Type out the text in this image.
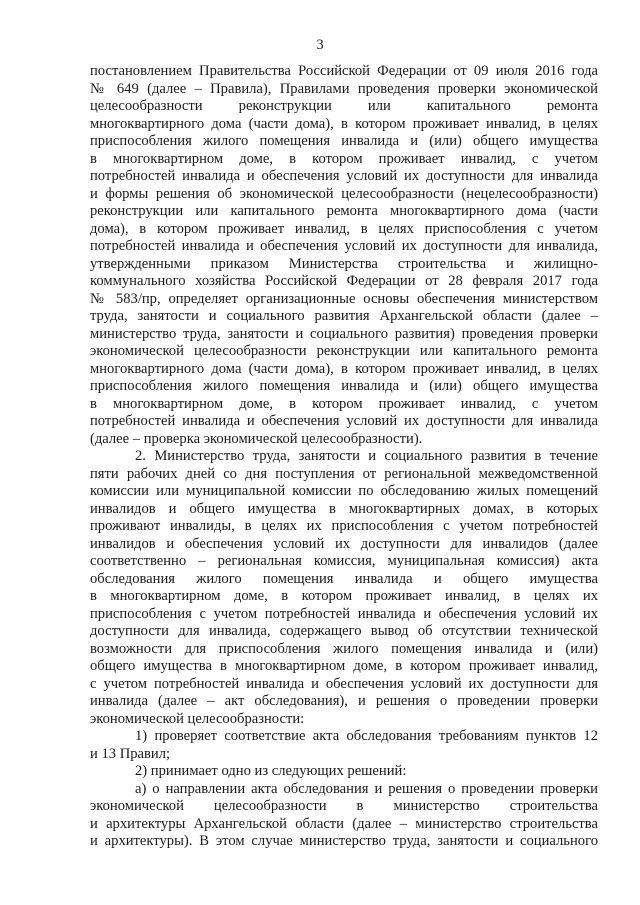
3
постановлением Правительства Российской Федерации от 09 июля 2016 года
№ 649 (далее – Правила), Правилами проведения проверки экономической
целесообразности реконструкции или капитального ремонта
многоквартирного дома (части дома), в котором проживает инвалид, в целях
приспособления жилого помещения инвалида и (или) общего имущества
в многоквартирном доме, в котором проживает инвалид, с учетом
потребностей инвалида и обеспечения условий их доступности для инвалида
и формы решения об экономической целесообразности (нецелесообразности)
реконструкции или капитального ремонта многоквартирного дома (части
дома), в котором проживает инвалид, в целях приспособления с учетом
потребностей инвалида и обеспечения условий их доступности для инвалида,
утвержденными приказом Министерства строительства и жилищно-
коммунального хозяйства Российской Федерации от 28 февраля 2017 года
№ 583/пр, определяет организационные основы обеспечения министерством
труда, занятости и социального развития Архангельской области (далее –
министерство труда, занятости и социального развития) проведения проверки
экономической целесообразности реконструкции или капитального ремонта
многоквартирного дома (части дома), в котором проживает инвалид, в целях
приспособления жилого помещения инвалида и (или) общего имущества
в многоквартирном доме, в котором проживает инвалид, с учетом
потребностей инвалида и обеспечения условий их доступности для инвалида
(далее – проверка экономической целесообразности).
2. Министерство труда, занятости и социального развития в течение
пяти рабочих дней со дня поступления от региональной межведомственной
комиссии или муниципальной комиссии по обследованию жилых помещений
инвалидов и общего имущества в многоквартирных домах, в которых
проживают инвалиды, в целях их приспособления с учетом потребностей
инвалидов и обеспечения условий их доступности для инвалидов (далее
соответственно – региональная комиссия, муниципальная комиссия) акта
обследования жилого помещения инвалида и общего имущества
в многоквартирном доме, в котором проживает инвалид, в целях их
приспособления с учетом потребностей инвалида и обеспечения условий их
доступности для инвалида, содержащего вывод об отсутствии технической
возможности для приспособления жилого помещения инвалида и (или)
общего имущества в многоквартирном доме, в котором проживает инвалид,
с учетом потребностей инвалида и обеспечения условий их доступности для
инвалида (далее – акт обследования), и решения о проведении проверки
экономической целесообразности:
1) проверяет соответствие акта обследования требованиям пунктов 12
и 13 Правил;
2) принимает одно из следующих решений:
а) о направлении акта обследования и решения о проведении проверки
экономической целесообразности в министерство строительства
и архитектуры Архангельской области (далее – министерство строительства
и архитектуры). В этом случае министерство труда, занятости и социального
